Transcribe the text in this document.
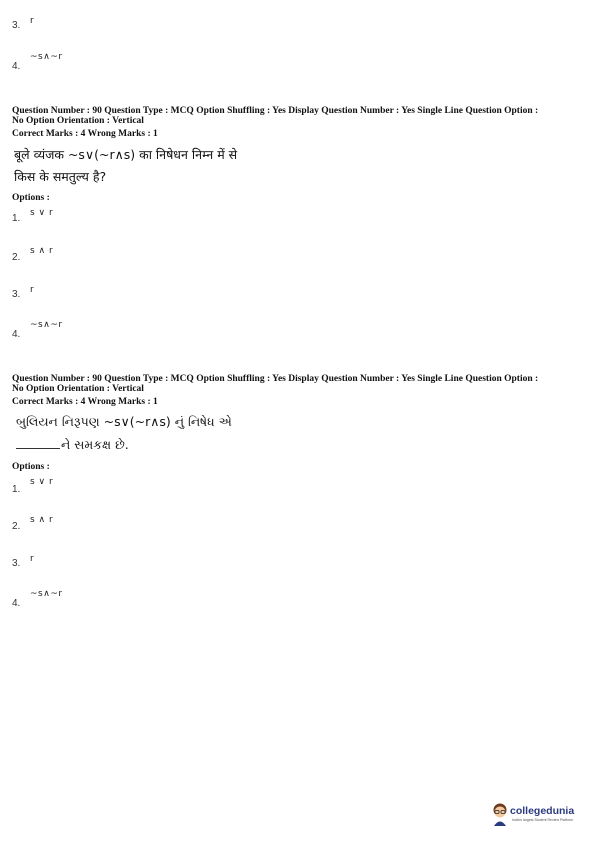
r
3.
~s∧~r
4.
Question Number : 90 Question Type : MCQ Option Shuffling : Yes Display Question Number : Yes Single Line Question Option :
No Option Orientation : Vertical
Correct Marks : 4 Wrong Marks : 1
बूले व्यंजक ~s∨(~r∧s) का निषेधन निम्न में से
किस के समतुल्य है?
Options :
s ∨ r
1.
s ∧ r
2.
r
3.
~s∧~r
4.
Question Number : 90 Question Type : MCQ Option Shuffling : Yes Display Question Number : Yes Single Line Question Option :
No Option Orientation : Vertical
Correct Marks : 4 Wrong Marks : 1
બુલિયન નિરૂપણ ~s∨(~r∧s) નું નિષેધ એ
ને સમકક્ષ છે.
Options :
s ∨ r
1.
s ∧ r
2.
r
3.
~s∧~r
4.
collegedunia
India's largest Student Review Platform
